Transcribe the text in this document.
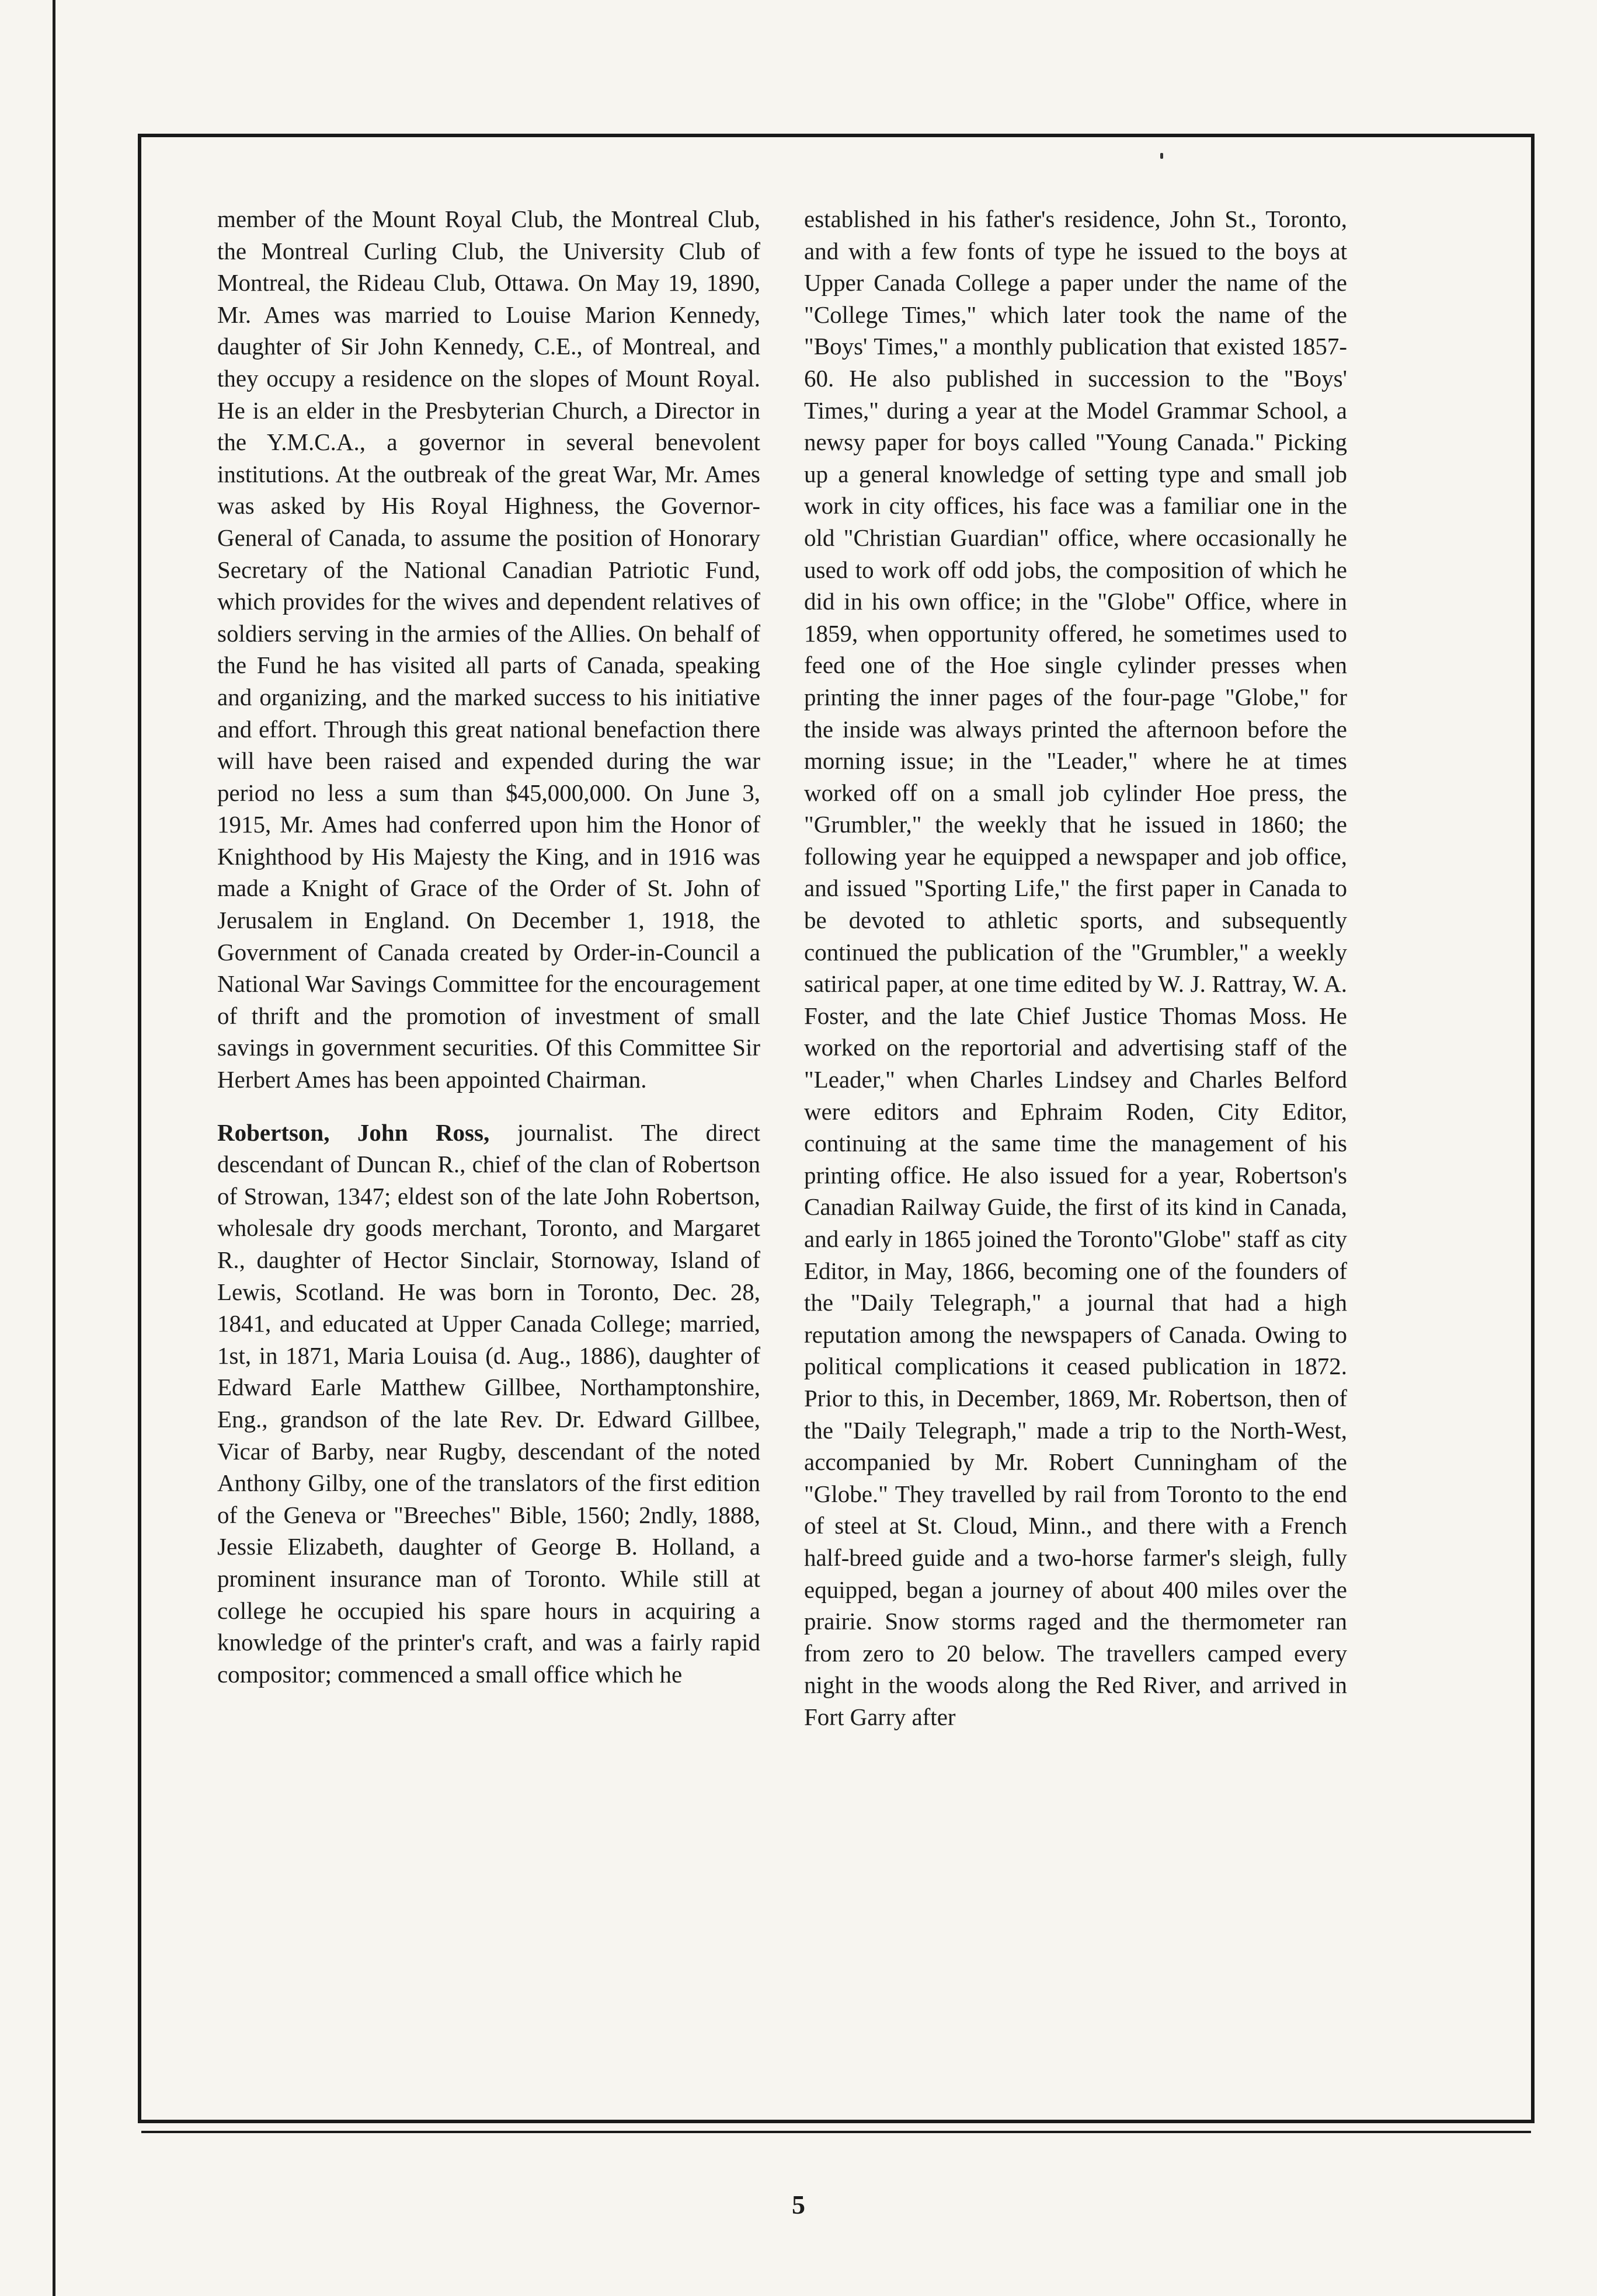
member of the Mount Royal Club, the Montreal Club, the Montreal Curling Club, the University Club of Montreal, the Rideau Club, Ottawa. On May 19, 1890, Mr. Ames was married to Louise Marion Kennedy, daughter of Sir John Kennedy, C.E., of Montreal, and they occupy a residence on the slopes of Mount Royal. He is an elder in the Presbyterian Church, a Director in the Y.M.C.A., a governor in several benevolent institutions. At the outbreak of the great War, Mr. Ames was asked by His Royal Highness, the Governor-General of Canada, to assume the position of Honorary Secretary of the National Canadian Patriotic Fund, which provides for the wives and dependent relatives of soldiers serving in the armies of the Allies. On behalf of the Fund he has visited all parts of Canada, speaking and organizing, and the marked success to his initiative and effort. Through this great national benefaction there will have been raised and expended during the war period no less a sum than $45,000,000. On June 3, 1915, Mr. Ames had conferred upon him the Honor of Knighthood by His Majesty the King, and in 1916 was made a Knight of Grace of the Order of St. John of Jerusalem in England. On December 1, 1918, the Government of Canada created by Order-in-Council a National War Savings Committee for the encouragement of thrift and the promotion of investment of small savings in government securities. Of this Committee Sir Herbert Ames has been appointed Chairman.

Robertson, John Ross, journalist. The direct descendant of Duncan R., chief of the clan of Robertson of Strowan, 1347; eldest son of the late John Robertson, wholesale dry goods merchant, Toronto, and Margaret R., daughter of Hector Sinclair, Stornoway, Island of Lewis, Scotland. He was born in Toronto, Dec. 28, 1841, and educated at Upper Canada College; married, 1st, in 1871, Maria Louisa (d. Aug., 1886), daughter of Edward Earle Matthew Gillbee, Northamptonshire, Eng., grandson of the late Rev. Dr. Edward Gillbee, Vicar of Barby, near Rugby, descendant of the noted Anthony Gilby, one of the translators of the first edition of the Geneva or "Breeches" Bible, 1560; 2ndly, 1888, Jessie Elizabeth, daughter of George B. Holland, a prominent insurance man of Toronto. While still at college he occupied his spare hours in acquiring a knowledge of the printer's craft, and was a fairly rapid compositor; commenced a small office which he

established in his father's residence, John St., Toronto, and with a few fonts of type he issued to the boys at Upper Canada College a paper under the name of the "College Times," which later took the name of the "Boys' Times," a monthly publication that existed 1857-60. He also published in succession to the "Boys' Times," during a year at the Model Grammar School, a newsy paper for boys called "Young Canada." Picking up a general knowledge of setting type and small job work in city offices, his face was a familiar one in the old "Christian Guardian" office, where occasionally he used to work off odd jobs, the composition of which he did in his own office; in the "Globe" Office, where in 1859, when opportunity offered, he sometimes used to feed one of the Hoe single cylinder presses when printing the inner pages of the four-page "Globe," for the inside was always printed the afternoon before the morning issue; in the "Leader," where he at times worked off on a small job cylinder Hoe press, the "Grumbler," the weekly that he issued in 1860; the following year he equipped a newspaper and job office, and issued "Sporting Life," the first paper in Canada to be devoted to athletic sports, and subsequently continued the publication of the "Grumbler," a weekly satirical paper, at one time edited by W. J. Rattray, W. A. Foster, and the late Chief Justice Thomas Moss. He worked on the reportorial and advertising staff of the "Leader," when Charles Lindsey and Charles Belford were editors and Ephraim Roden, City Editor, continuing at the same time the management of his printing office. He also issued for a year, Robertson's Canadian Railway Guide, the first of its kind in Canada, and early in 1865 joined the Toronto"Globe" staff as city Editor, in May, 1866, becoming one of the founders of the "Daily Telegraph," a journal that had a high reputation among the newspapers of Canada. Owing to political complications it ceased publication in 1872. Prior to this, in December, 1869, Mr. Robertson, then of the "Daily Telegraph," made a trip to the North-West, accompanied by Mr. Robert Cunningham of the "Globe." They travelled by rail from Toronto to the end of steel at St. Cloud, Minn., and there with a French half-breed guide and a two-horse farmer's sleigh, fully equipped, began a journey of about 400 miles over the prairie. Snow storms raged and the thermometer ran from zero to 20 below. The travellers camped every night in the woods along the Red River, and arrived in Fort Garry after

5
